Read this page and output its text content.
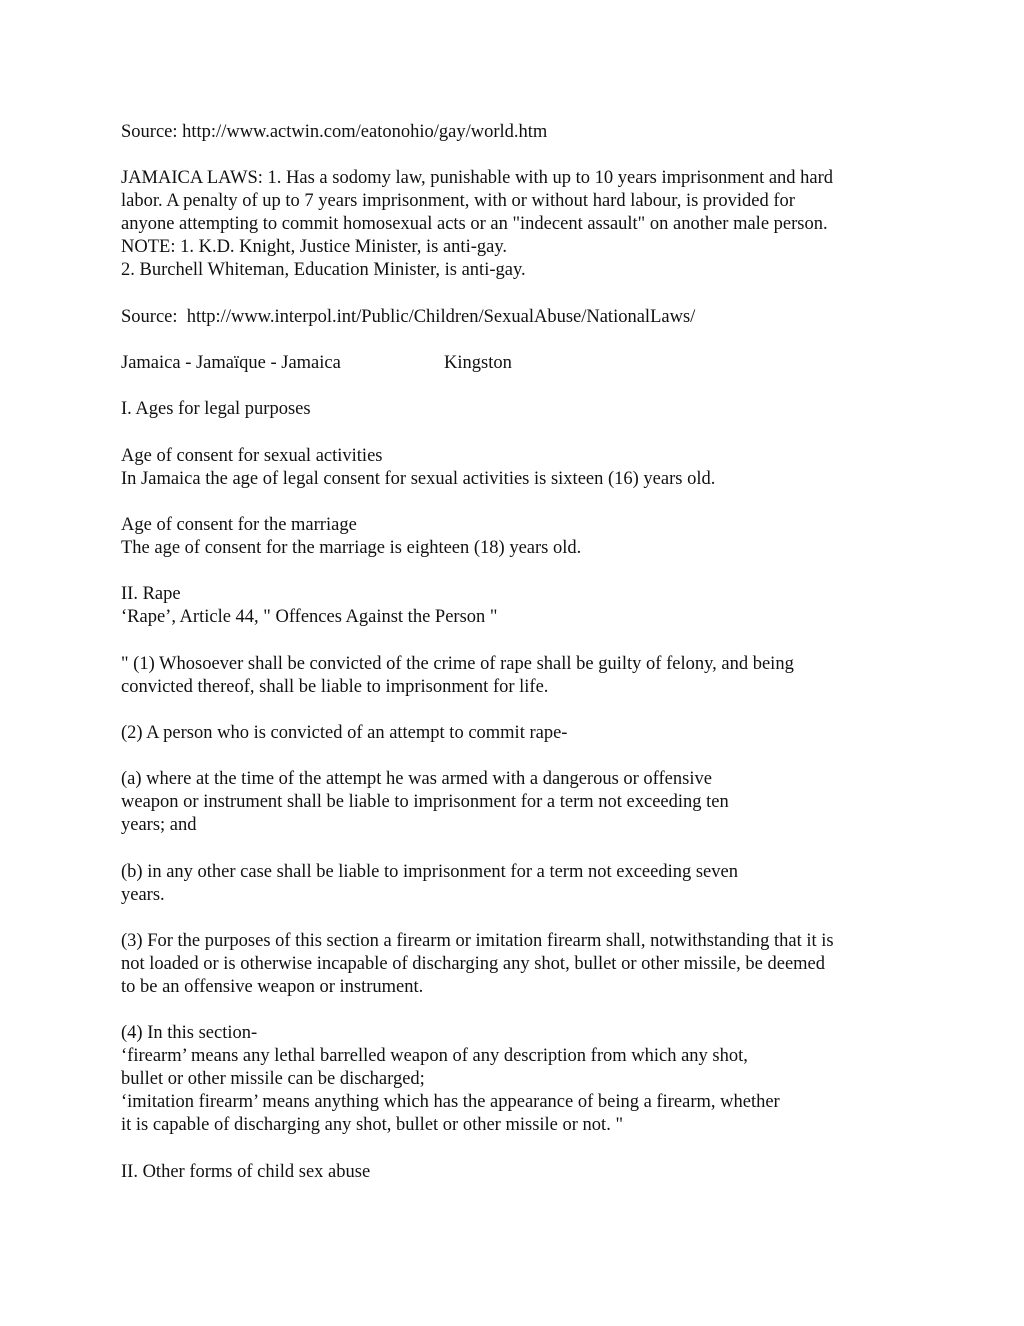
Source: http://www.actwin.com/eatonohio/gay/world.htm
JAMAICA LAWS: 1. Has a sodomy law, punishable with up to 10 years imprisonment and hard
labor. A penalty of up to 7 years imprisonment, with or without hard labour, is provided for
anyone attempting to commit homosexual acts or an "indecent assault" on another male person.
NOTE: 1. K.D. Knight, Justice Minister, is anti-gay.
2. Burchell Whiteman, Education Minister, is anti-gay.
Source:  http://www.interpol.int/Public/Children/SexualAbuse/NationalLaws/
Jamaica - Jamaïque - Jamaica	Kingston
I. Ages for legal purposes
Age of consent for sexual activities
In Jamaica the age of legal consent for sexual activities is sixteen (16) years old.
Age of consent for the marriage
The age of consent for the marriage is eighteen (18) years old.
II. Rape
‘Rape’, Article 44, " Offences Against the Person "
" (1) Whosoever shall be convicted of the crime of rape shall be guilty of felony, and being
convicted thereof, shall be liable to imprisonment for life.
(2) A person who is convicted of an attempt to commit rape-
(a) where at the time of the attempt he was armed with a dangerous or offensive
weapon or instrument shall be liable to imprisonment for a term not exceeding ten
years; and
(b) in any other case shall be liable to imprisonment for a term not exceeding seven
years.
(3) For the purposes of this section a firearm or imitation firearm shall, notwithstanding that it is
not loaded or is otherwise incapable of discharging any shot, bullet or other missile, be deemed
to be an offensive weapon or instrument.
(4) In this section-
‘firearm’ means any lethal barrelled weapon of any description from which any shot,
bullet or other missile can be discharged;
‘imitation firearm’ means anything which has the appearance of being a firearm, whether
it is capable of discharging any shot, bullet or other missile or not. "
II. Other forms of child sex abuse
